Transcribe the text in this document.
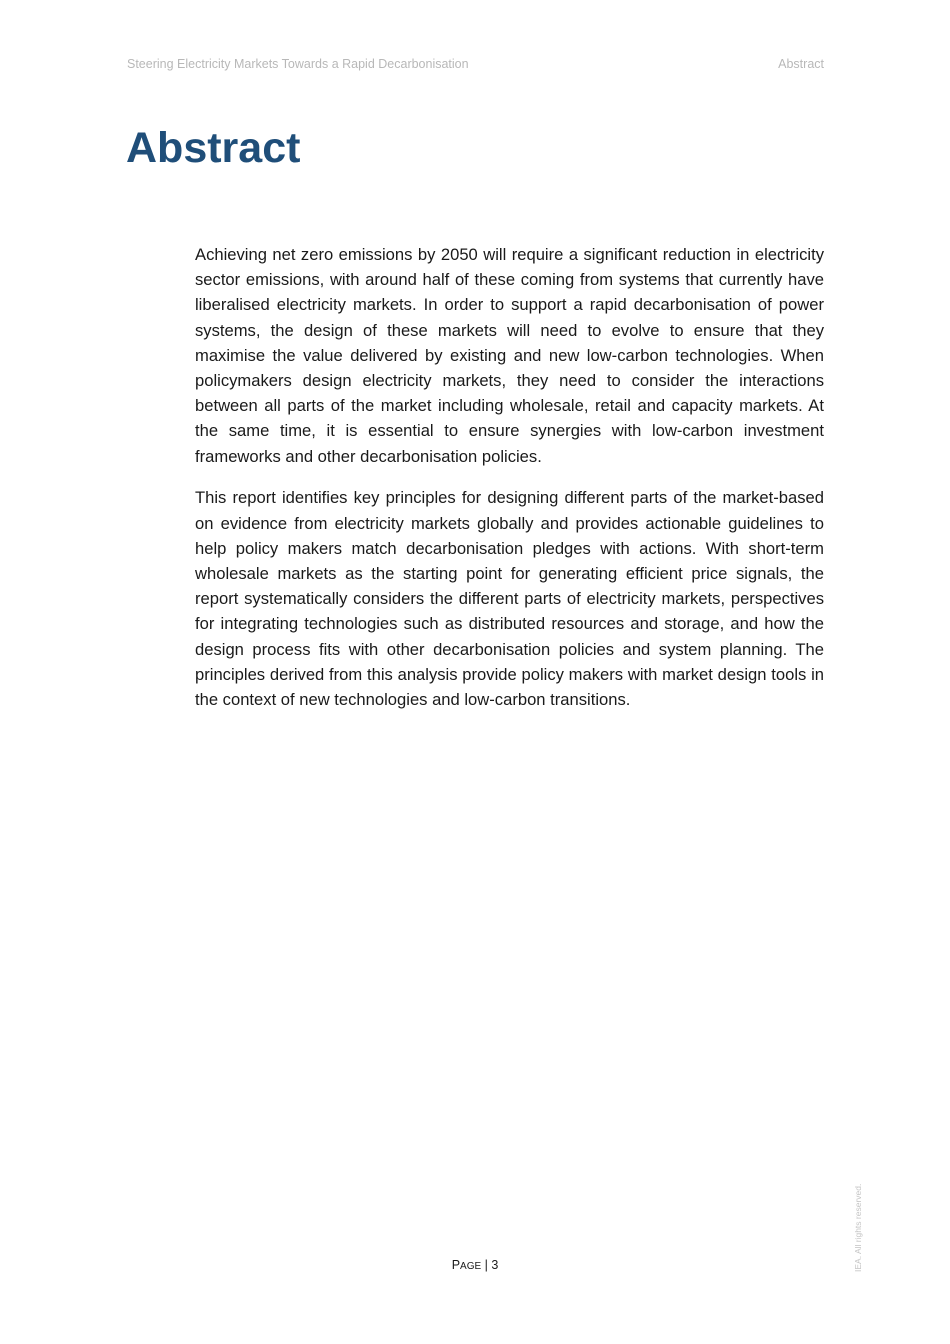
Steering Electricity Markets Towards a Rapid Decarbonisation	Abstract
Abstract

Achieving net zero emissions by 2050 will require a significant reduction in electricity sector emissions, with around half of these coming from systems that currently have liberalised electricity markets. In order to support a rapid decarbonisation of power systems, the design of these markets will need to evolve to ensure that they maximise the value delivered by existing and new low-carbon technologies. When policymakers design electricity markets, they need to consider the interactions between all parts of the market including wholesale, retail and capacity markets. At the same time, it is essential to ensure synergies with low-carbon investment frameworks and other decarbonisation policies.

This report identifies key principles for designing different parts of the market-based on evidence from electricity markets globally and provides actionable guidelines to help policy makers match decarbonisation pledges with actions. With short-term wholesale markets as the starting point for generating efficient price signals, the report systematically considers the different parts of electricity markets, perspectives for integrating technologies such as distributed resources and storage, and how the design process fits with other decarbonisation policies and system planning. The principles derived from this analysis provide policy makers with market design tools in the context of new technologies and low-carbon transitions.

PAGE | 3	IEA. All rights reserved.
